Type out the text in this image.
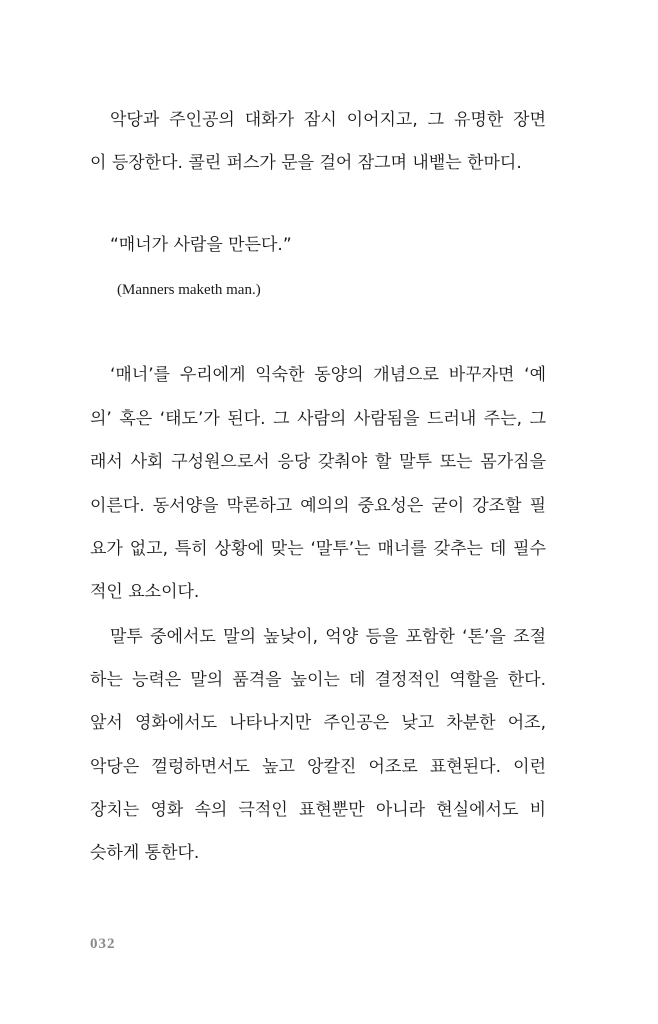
악당과 주인공의 대화가 잠시 이어지고, 그 유명한 장면
이 등장한다. 콜린 퍼스가 문을 걸어 잠그며 내뱉는 한마디.
“매너가 사람을 만든다.”
(Manners maketh man.)
‘매너’를 우리에게 익숙한 동양의 개념으로 바꾸자면 ‘예
의’ 혹은 ‘태도’가 된다. 그 사람의 사람됨을 드러내 주는, 그
래서 사회 구성원으로서 응당 갖춰야 할 말투 또는 몸가짐을
이른다. 동서양을 막론하고 예의의 중요성은 굳이 강조할 필
요가 없고, 특히 상황에 맞는 ‘말투’는 매너를 갖추는 데 필수
적인 요소이다.
말투 중에서도 말의 높낮이, 억양 등을 포함한 ‘톤’을 조절
하는 능력은 말의 품격을 높이는 데 결정적인 역할을 한다.
앞서 영화에서도 나타나지만 주인공은 낮고 차분한 어조,
악당은 껄렁하면서도 높고 앙칼진 어조로 표현된다. 이런
장치는 영화 속의 극적인 표현뿐만 아니라 현실에서도 비
슷하게 통한다.
032
